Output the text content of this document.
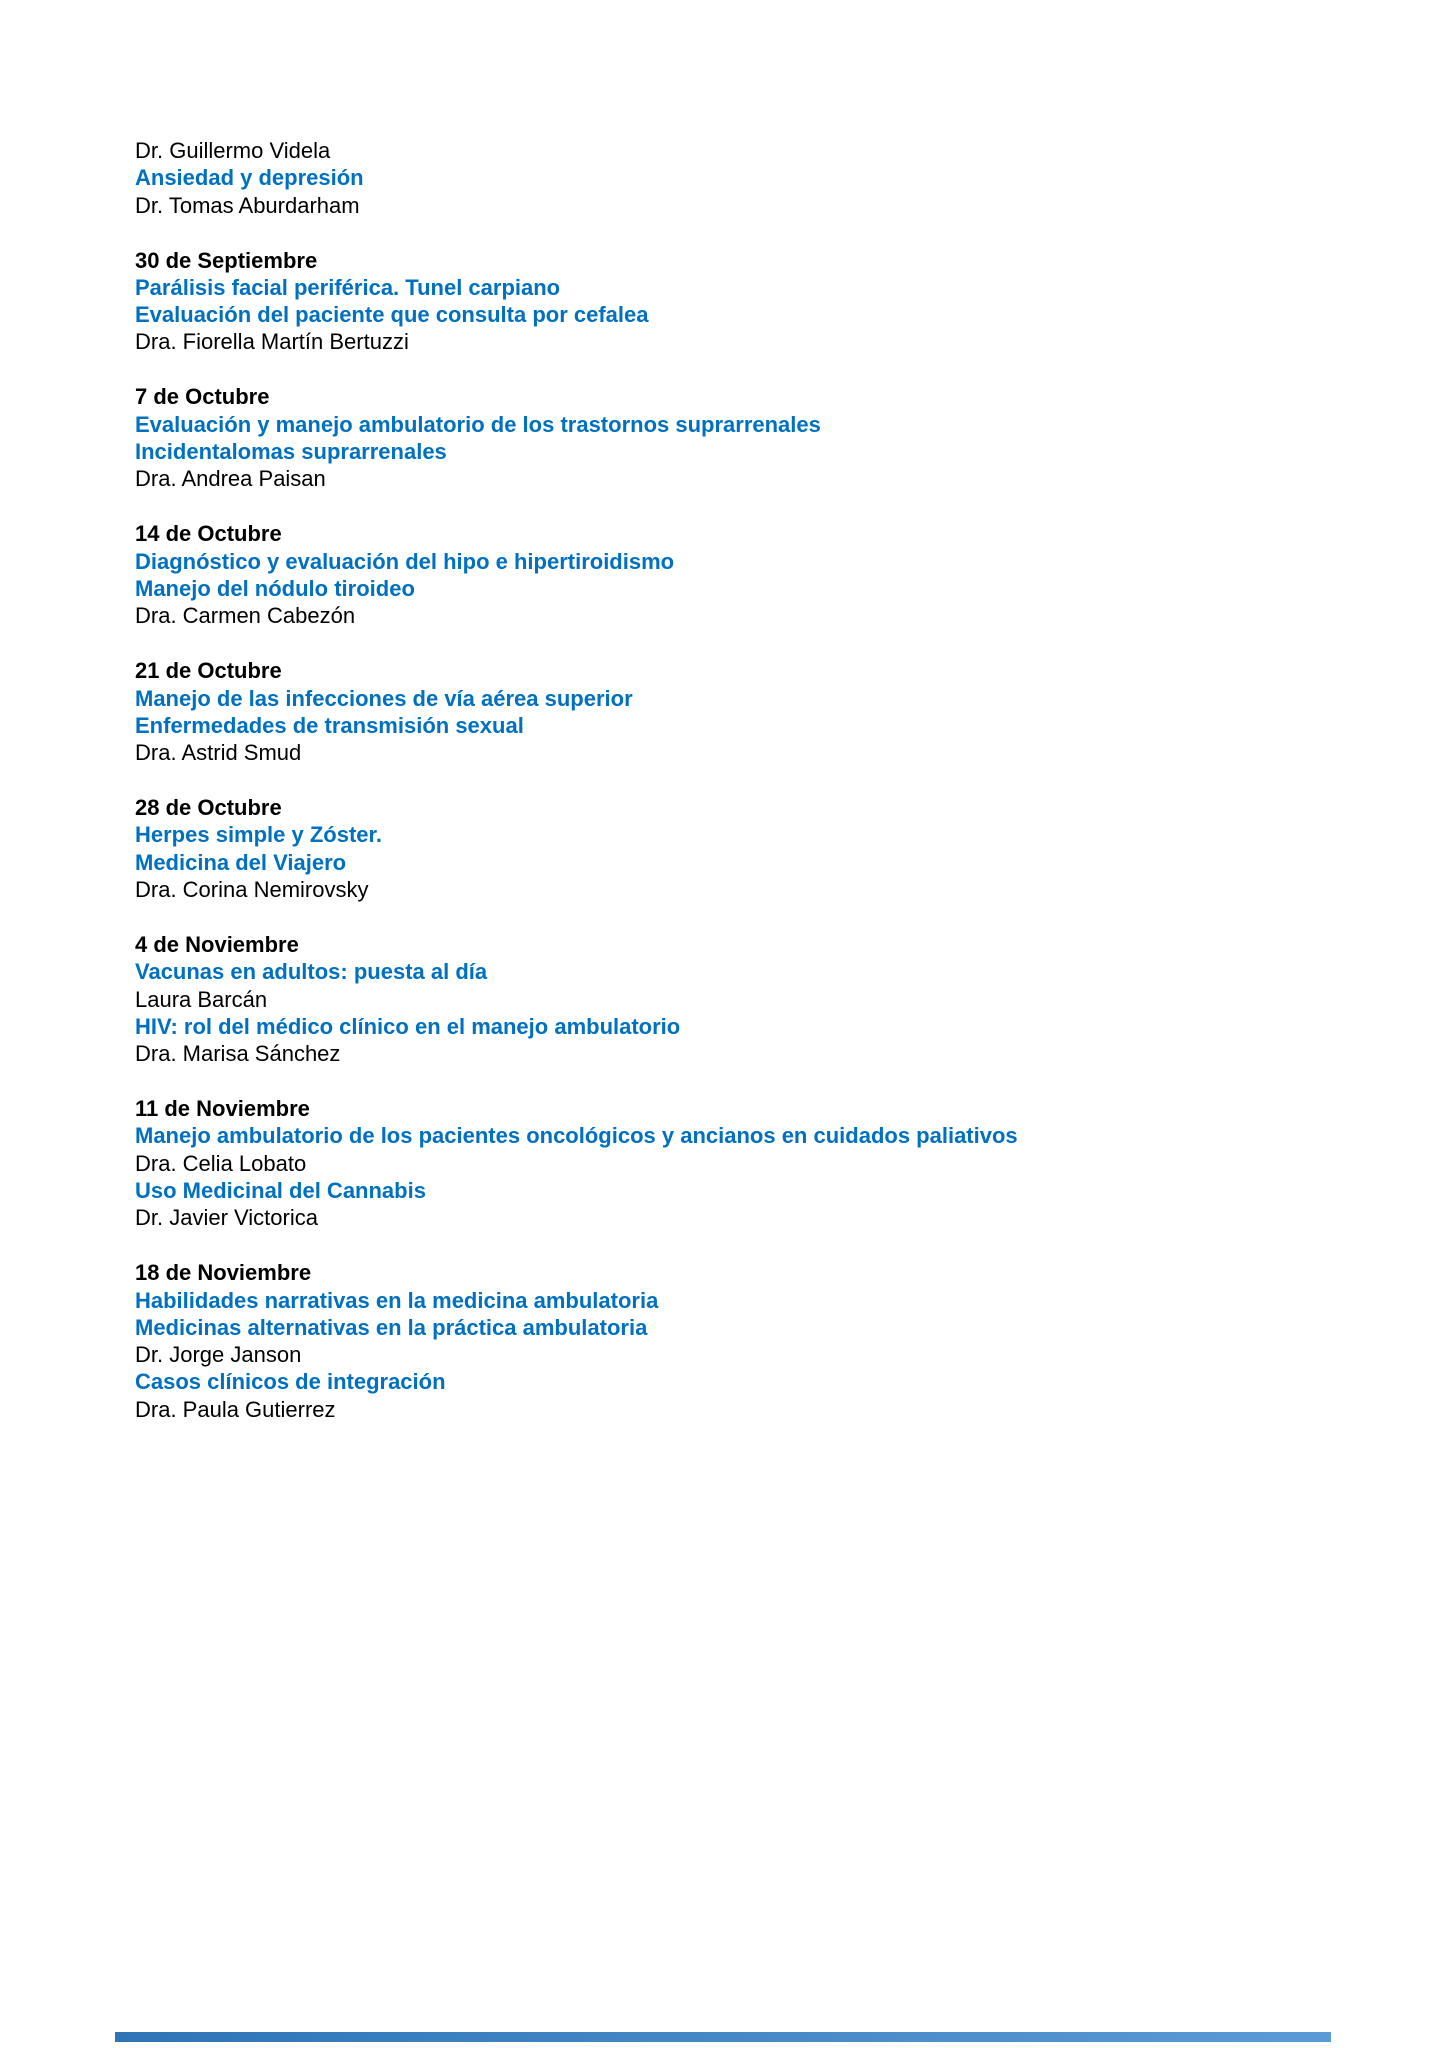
Dr. Guillermo Videla
Ansiedad y depresión
Dr. Tomas Aburdarham
30 de Septiembre
Parálisis facial periférica. Tunel carpiano
Evaluación del paciente que consulta por cefalea
Dra. Fiorella Martín Bertuzzi
7 de Octubre
Evaluación y manejo ambulatorio de los trastornos suprarrenales
Incidentalomas suprarrenales
Dra. Andrea Paisan
14 de Octubre
Diagnóstico y evaluación del hipo e hipertiroidismo
Manejo del nódulo tiroideo
Dra. Carmen Cabezón
21 de Octubre
Manejo de las infecciones de vía aérea superior
Enfermedades de transmisión sexual
Dra. Astrid Smud
28 de Octubre
Herpes simple y Zóster.
Medicina del Viajero
Dra. Corina Nemirovsky
4 de Noviembre
Vacunas en adultos: puesta al día
Laura Barcán
HIV: rol del médico clínico en el manejo ambulatorio
Dra. Marisa Sánchez
11 de Noviembre
Manejo ambulatorio de los pacientes oncológicos y ancianos en cuidados paliativos
Dra. Celia Lobato
Uso Medicinal del Cannabis
Dr. Javier Victorica
18 de Noviembre
Habilidades narrativas en la medicina ambulatoria
Medicinas alternativas en la práctica ambulatoria
Dr. Jorge Janson
Casos clínicos de integración
Dra. Paula Gutierrez
